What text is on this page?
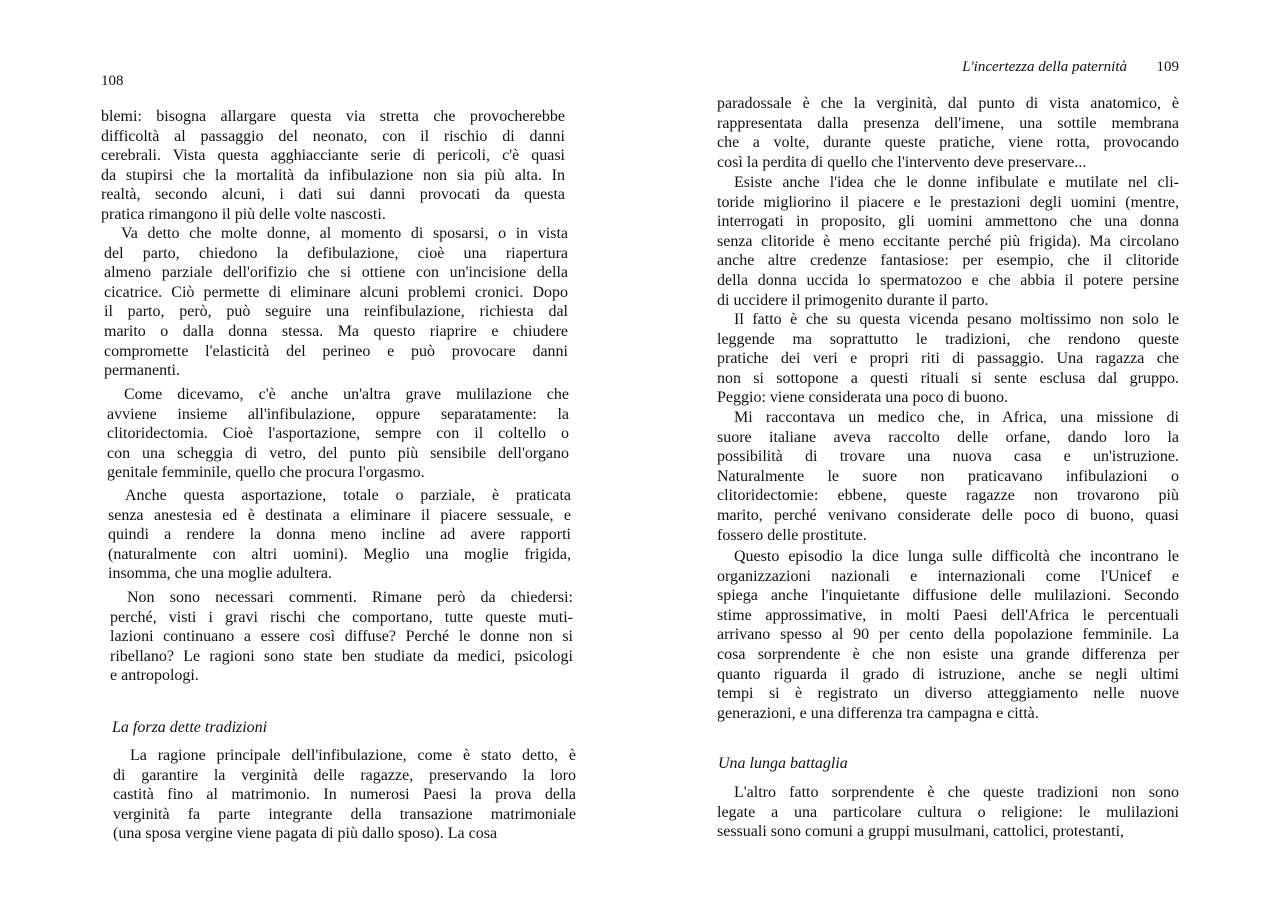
108
blemi: bisogna allargare questa via stretta che provocherebbe
difficoltà al passaggio del neonato, con il rischio di danni
cerebrali. Vista questa agghiacciante serie di pericoli, c'è quasi
da stupirsi che la mortalità da infibulazione non sia più alta. In
realtà, secondo alcuni, i dati sui danni provocati da questa
pratica rimangono il più delle volte nascosti.
Va detto che molte donne, al momento di sposarsi, o in vista
del parto, chiedono la defibulazione, cioè una riapertura
almeno parziale dell'orifizio che si ottiene con un'incisione della
cicatrice. Ciò permette di eliminare alcuni problemi cronici. Dopo
il parto, però, può seguire una reinfibulazione, richiesta dal
marito o dalla donna stessa. Ma questo riaprire e chiudere
compromette l'elasticità del perineo e può provocare danni
permanenti.
Come dicevamo, c'è anche un'altra grave mulilazione che
avviene insieme all'infibulazione, oppure separatamente: la
clitoridectomia. Cioè l'asportazione, sempre con il coltello o
con una scheggia di vetro, del punto più sensibile dell'organo
genitale femminile, quello che procura l'orgasmo.
Anche questa asportazione, totale o parziale, è praticata
senza anestesia ed è destinata a eliminare il piacere sessuale, e
quindi a rendere la donna meno incline ad avere rapporti
(naturalmente con altri uomini). Meglio una moglie frigida,
insomma, che una moglie adultera.
Non sono necessari commenti. Rimane però da chiedersi:
perché, visti i gravi rischi che comportano, tutte queste muti-
lazioni continuano a essere così diffuse? Perché le donne non si
ribellano? Le ragioni sono state ben studiate da medici, psicologi
e antropologi.
La forza dette tradizioni
La ragione principale dell'infibulazione, come è stato detto, è
di garantire la verginità delle ragazze, preservando la loro
castità fino al matrimonio. In numerosi Paesi la prova della
verginità fa parte integrante della transazione matrimoniale
(una sposa vergine viene pagata di più dallo sposo). La cosa
L'incertezza della paternità 109
paradossale è che la verginità, dal punto di vista anatomico, è
rappresentata dalla presenza dell'imene, una sottile membrana
che a volte, durante queste pratiche, viene rotta, provocando
così la perdita di quello che l'intervento deve preservare...
Esiste anche l'idea che le donne infibulate e mutilate nel cli-
toride migliorino il piacere e le prestazioni degli uomini (mentre,
interrogati in proposito, gli uomini ammettono che una donna
senza clitoride è meno eccitante perché più frigida). Ma circolano
anche altre credenze fantasiose: per esempio, che il clitoride
della donna uccida lo spermatozoo e che abbia il potere persine
di uccidere il primogenito durante il parto.
Il fatto è che su questa vicenda pesano moltissimo non solo le
leggende ma soprattutto le tradizioni, che rendono queste
pratiche dei veri e propri riti di passaggio. Una ragazza che
non si sottopone a questi rituali si sente esclusa dal gruppo.
Peggio: viene considerata una poco di buono.
Mi raccontava un medico che, in Africa, una missione di
suore italiane aveva raccolto delle orfane, dando loro la
possibilità di trovare una nuova casa e un'istruzione.
Naturalmente le suore non praticavano infibulazioni o
clitoridectomie: ebbene, queste ragazze non trovarono più
marito, perché venivano considerate delle poco di buono, quasi
fossero delle prostitute.
Questo episodio la dice lunga sulle difficoltà che incontrano le
organizzazioni nazionali e internazionali come l'Unicef e
spiega anche l'inquietante diffusione delle mulilazioni. Secondo
stime approssimative, in molti Paesi dell'Africa le percentuali
arrivano spesso al 90 per cento della popolazione femminile. La
cosa sorprendente è che non esiste una grande differenza per
quanto riguarda il grado di istruzione, anche se negli ultimi
tempi si è registrato un diverso atteggiamento nelle nuove
generazioni, e una differenza tra campagna e città.
Una lunga battaglia
L'altro fatto sorprendente è che queste tradizioni non sono
legate a una particolare cultura o religione: le mulilazioni
sessuali sono comuni a gruppi musulmani, cattolici, protestanti,
